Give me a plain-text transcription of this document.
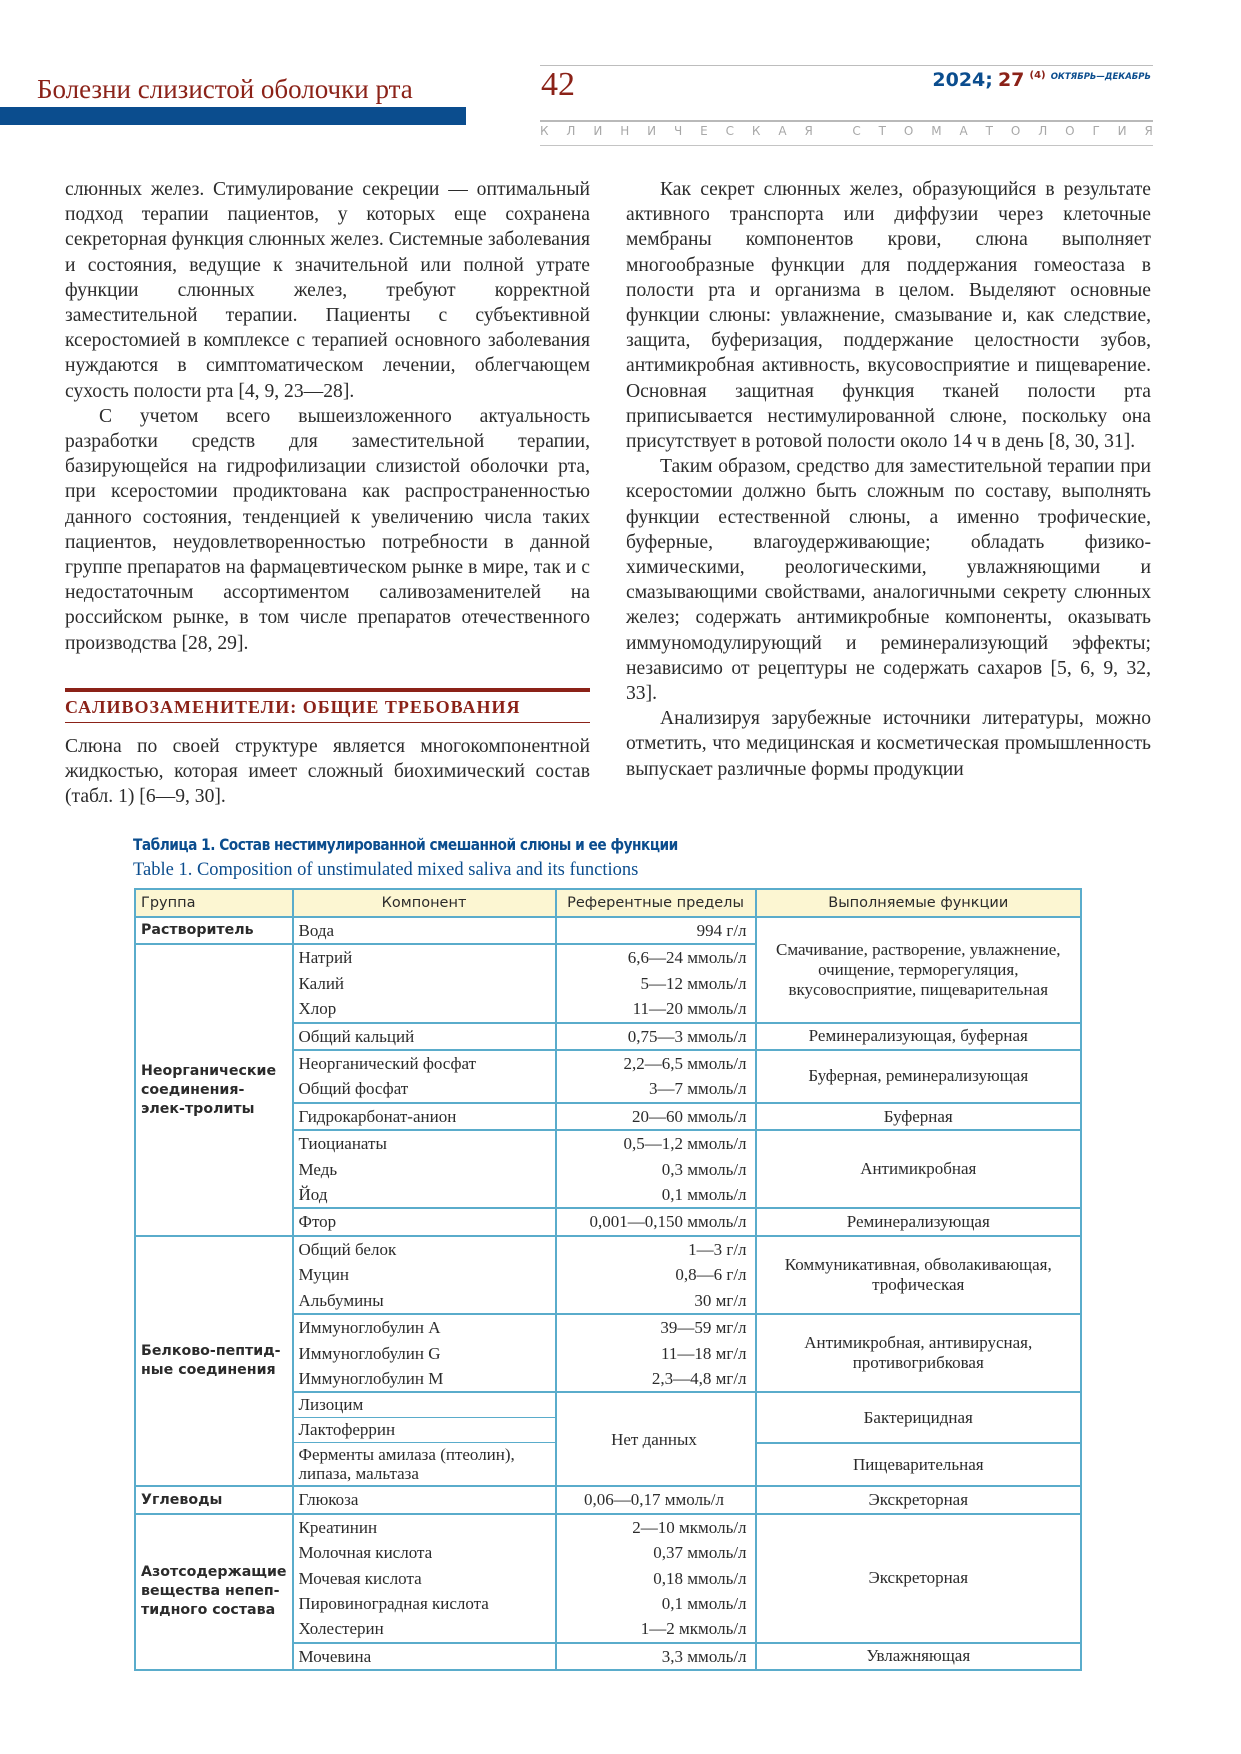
Болезни слизистой оболочки рта	42	2024; 27 $^{(4)}$ $^{ОКТЯБРЬ—ДЕКАБРЬ}$
К Л И Н И Ч Е С К А Я
	С Т О М А Т О Л О Г И Я

слюнных желез. Стимулирование секреции — оптимальный подход терапии пациентов, у которых еще сохранена секреторная функция слюнных желез. Системные заболевания и состояния, ведущие к значительной или полной утрате функции слюнных желез, требуют корректной заместительной терапии. Пациенты с субъективной ксеростомией в комплексе с терапией основного заболевания нуждаются в симптоматическом лечении, облегчающем сухость полости рта [4, 9, 23—28].

С учетом всего вышеизложенного актуальность разработки средств для заместительной терапии, базирующейся на гидрофилизации слизистой оболочки рта, при ксеростомии продиктована как распространенностью данного состояния, тенденцией к увеличению числа таких пациентов, неудовлетворенностью потребности в данной группе препаратов на фармацевтическом рынке в мире, так и с недостаточным ассортиментом саливозаменителей на российском рынке, в том числе препаратов отечественного производства [28, 29].

САЛИВОЗАМЕНИТЕЛИ: ОБЩИЕ ТРЕБОВАНИЯ

Слюна по своей структуре является многокомпонентной жидкостью, которая имеет сложный биохимический состав (табл. 1) [6—9, 30].

Как секрет слюнных желез, образующийся в результате активного транспорта или диффузии через клеточные мембраны компонентов крови, слюна выполняет многообразные функции для поддержания гомеостаза в полости рта и организма в целом. Выделяют основные функции слюны: увлажнение, смазывание и, как следствие, защита, буферизация, поддержание целостности зубов, антимикробная активность, вкусовосприятие и пищеварение. Основная защитная функция тканей полости рта приписывается нестимулированной слюне, поскольку она присутствует в ротовой полости около 14 ч в день [8, 30, 31].

Таким образом, средство для заместительной терапии при ксеростомии должно быть сложным по составу, выполнять функции естественной слюны, а именно трофические, буферные, влагоудерживающие; обладать физико-химическими, реологическими, увлажняющими и смазывающими свойствами, аналогичными секрету слюнных желез; содержать антимикробные компоненты, оказывать иммуномодулирующий и реминерализующий эффекты; независимо от рецептуры не содержать сахаров [5, 6, 9, 32, 33].

Анализируя зарубежные источники литературы, можно отметить, что медицинская и косметическая промышленность выпускает различные формы продукции

Таблица 1. Состав нестимулированной смешанной слюны и ее функции
Table 1. Composition of unstimulated mixed saliva and its functions
Группа	Компонент	Референтные пределы	Выполняемые функции
Растворитель	Вода	994 г/л	Смачивание, растворение, увлажнение, очищение, терморегуляция, вкусовосприятие, пищеварительная
Неорганические соединения-элек-тролиты	Натрий	6,6—24 ммоль/л	
	Калий	5—12 ммоль/л	
	Хлор	11—20 ммоль/л	
	Общий кальций	0,75—3 ммоль/л	Реминерализующая, буферная
	Неорганический фосфат	2,2—6,5 ммоль/л	Буферная, реминерализующая
	Общий фосфат	3—7 ммоль/л	
	Гидрокарбонат-анион	20—60 ммоль/л	Буферная
	Тиоцианаты	0,5—1,2 ммоль/л	Антимикробная
	Медь	0,3 ммоль/л	
	Йод	0,1 ммоль/л	
	Фтор	0,001—0,150 ммоль/л	Реминерализующая
Белково-пептид-ные соединения	Общий белок	1—3 г/л	Коммуникативная, обволакивающая, трофическая
	Муцин	0,8—6 г/л	
	Альбумины	30 мг/л	
	Иммуноглобулин A	39—59 мг/л	Антимикробная, антивирусная, противогрибковая
	Иммуноглобулин G	11—18 мг/л	
	Иммуноглобулин M	2,3—4,8 мг/л	
	Лизоцим	Нет данных	Бактерицидная
	Лактоферрин		
	Ферменты амилаза (птеолин), липаза, мальтаза		Пищеварительная
Углеводы	Глюкоза	0,06—0,17 ммоль/л	Экскреторная
Азотсодержащие вещества непеп-тидного состава	Креатинин	2—10 мкмоль/л	Экскреторная
	Молочная кислота	0,37 ммоль/л	
	Мочевая кислота	0,18 ммоль/л	
	Пировиноградная кислота	0,1 ммоль/л	
	Холестерин	1—2 мкмоль/л	
	Мочевина	3,3 ммоль/л	Увлажняющая
